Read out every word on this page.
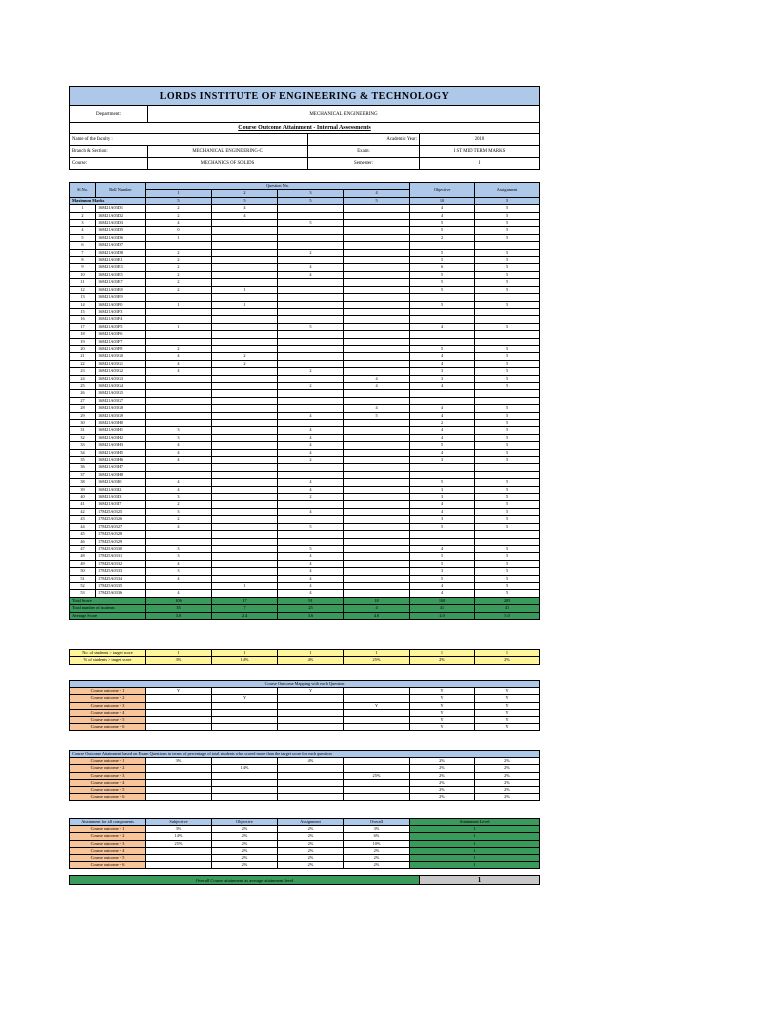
LORDS INSTITUTE OF ENGINEERING & TECHNOLOGY			
Department:	MECHANICAL ENGINEERING		
Course Outcome Attainment - Internal Assessments			
Name of the faculty :		Academic Year:	2018
Branch & Section:	MECHANICAL ENGINEERING-C	Exam:	I ST MID TERM MARKS
Course:	MECHANICS OF SOLIDS	Semester:	I
Sl.No.	Roll Number	Question No.				Objective	Assignment
		1	2	3	4		
Maximum Marks		5	5	5	5	10	5
1	16M21A03D1	2	4			4	5
2	16M21A03D2	2	4			4	5
3	16M21A03D3	4		5		5	5
4	16M21A03D5	0				5	5
5	16M21A03D6	1				2	5
6	16M21A03D7						
7	16M21A03D8	2		2		5	5
8	16M21A03E1	2				5	5
9	16M21A03E3	2		4		6	5
10	16M21A03E5	2		4		5	5
11	16M21A03E7	2				5	5
12	16M21A03E8	2	1			5	5
13	16M21A03E9						
14	16M21A03F0	1	1			5	5
15	16M21A03F3						
16	16M21A03F4						
17	16M21A03F5	1		5		4	5
18	16M21A03F6						
19	16M21A03F7						
20	16M21A03F8	2				5	5
21	16M21A03G0	4	2			4	5
22	16M21A03G1	4	2			4	5
23	16M21A03G2	4		2		3	5
24	16M21A03G3				4	3	5
25	16M21A03G4			2	4	4	5
26	16M21A03G5						
27	16M21A03G7						
28	16M21A03G8				4	4	5
29	16M21A03G9			4	5	4	5
30	16M21A03H0					2	5
31	16M21A03H1	3		4		4	5
32	16M21A03H2	3		4		4	5
33	16M21A03H3	4		4		5	5
34	16M21A03H5	4		4		4	5
35	16M21A03H6	4		2		3	5
36	16M21A03H7						
37	16M21A03H8						
38	16M21A03I0	4		4		5	5
39	16M21A03I2	4		4		3	5
40	16M21A03I3	3		2		3	5
41	16M21A03I7	2				4	5
42	17M25A0325	3		4		4	5
43	17M25A0326	2				3	5
44	17M25A0327	4		5		5	5
45	17M25A0328						
46	17M25A0329						
47	17M25A0330	3		5		4	5
48	17M25A0331	3		4		5	5
49	17M25A0332	4		4		5	5
50	17M25A0333	3		4		3	5
51	17M25A0334	4		4		5	5
52	17M25A0335		1	4		4	5
53	17M25A0336	4		4		4	5
Total Score		106	17	91	18	168	205
Total number of students		35	7	25	4	41	41
Average Score		3.0	2.4	3.6	4.0	4.0	5.0
No. of students > target score	1	1	1	1	1	1
% of students > target score	3%	14%	4%	25%	2%	2%
Course Outcome Mapping with each Question						
Course outcome - 1	Y		Y		Y	Y
Course outcome - 2		Y			Y	Y
Course outcome - 3				Y	Y	Y
Course outcome - 4					Y	Y
Course outcome - 5					Y	Y
Course outcome - 6					Y	Y
Course Outcome Attainment based on Exam Questions in terms of percentage of total students who scored more than the target score for each question						
Course outcome - 1	3%		4%		2%	2%
Course outcome - 2		14%			2%	2%
Course outcome - 3				25%	2%	2%
Course outcome - 4					2%	2%
Course outcome - 5					2%	2%
Course outcome - 6					2%	2%
Attainment for all components	Subjective	Objective	Assignment	Overall	Attainment Level
Course outcome - 1	3%	2%	2%	3%	1
Course outcome - 2	14%	2%	2%	6%	1
Course outcome - 3	25%	2%	2%	10%	1
Course outcome - 4		2%	2%	2%	1
Course outcome - 5		2%	2%	2%	1
Course outcome - 6		2%	2%	2%	1
Overall Course attainment as average attainment level	1
